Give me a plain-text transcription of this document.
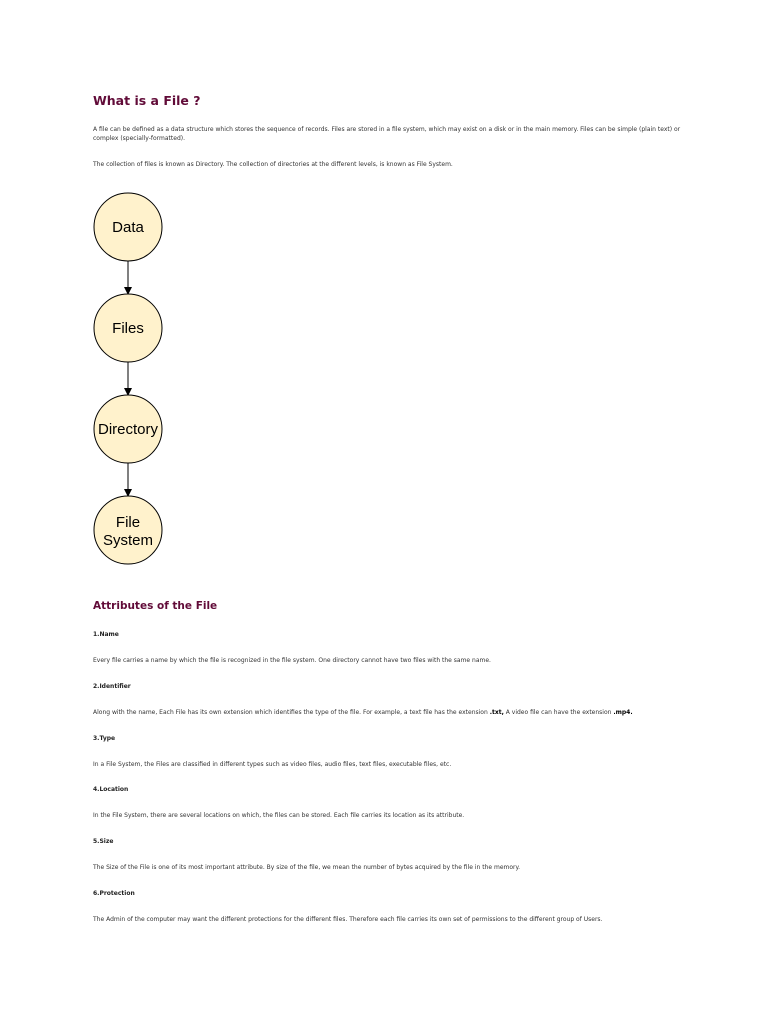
What is a File ?

A file can be defined as a data structure which stores the sequence of records. Files are stored in a file system, which may exist on a disk or in the main memory. Files can be simple (plain text) or complex (specially-formatted).

The collection of files is known as Directory. The collection of directories at the different levels, is known as File System.

Attributes of the File

1.Name

Every file carries a name by which the file is recognized in the file system. One directory cannot have two files with the same name.

2.Identifier

Along with the name, Each File has its own extension which identifies the type of the file. For example, a text file has the extension .txt, A video file can have the extension .mp4.

3.Type

In a File System, the Files are classified in different types such as video files, audio files, text files, executable files, etc.

4.Location

In the File System, there are several locations on which, the files can be stored. Each file carries its location as its attribute.

5.Size

The Size of the File is one of its most important attribute. By size of the file, we mean the number of bytes acquired by the file in the memory.

6.Protection

The Admin of the computer may want the different protections for the different files. Therefore each file carries its own set of permissions to the different group of Users.

Data
Files
Directory
File
System
